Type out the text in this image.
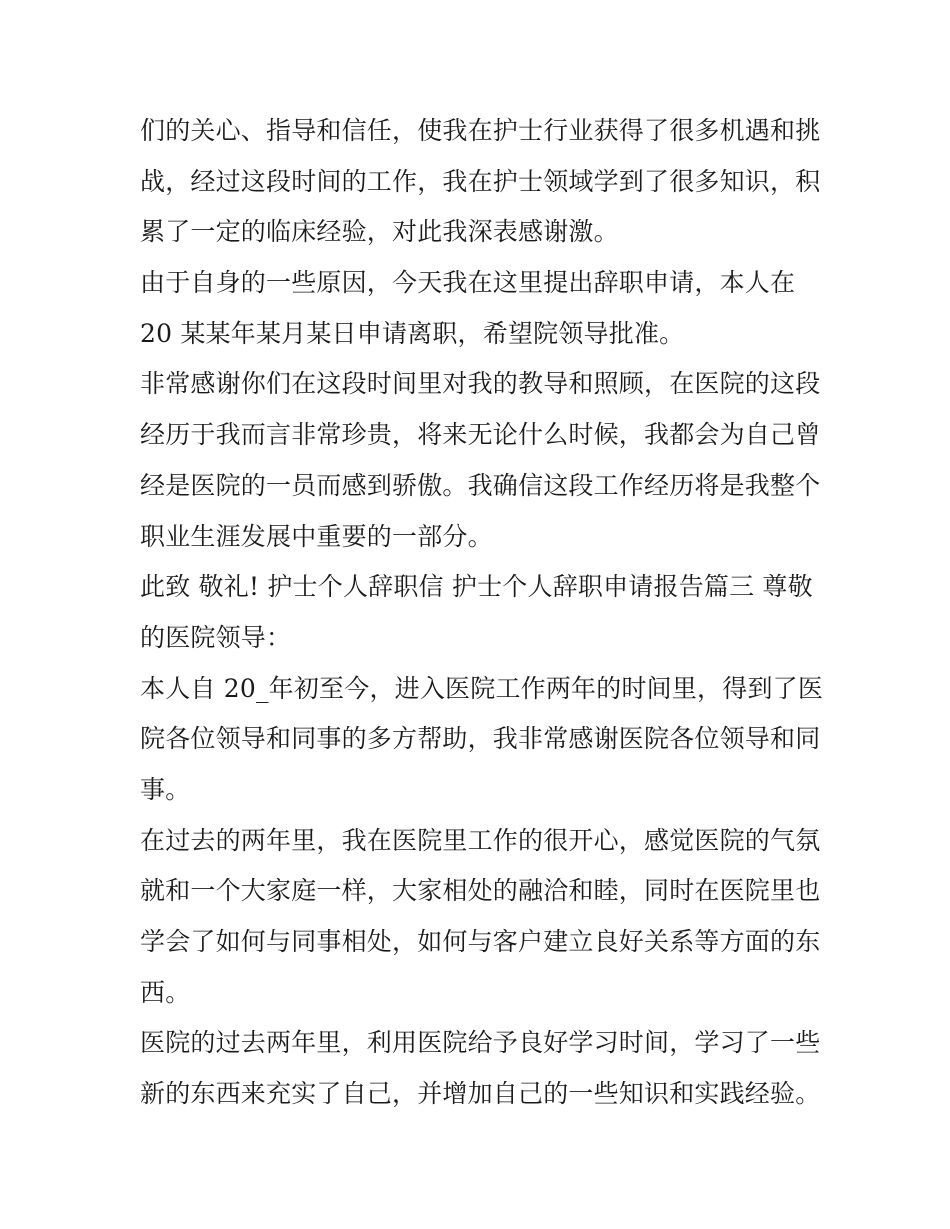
们的关心、指导和信任，使我在护士行业获得了很多机遇和挑
战，经过这段时间的工作，我在护士领域学到了很多知识，积
累了一定的临床经验，对此我深表感谢激。
由于自身的一些原因，今天我在这里提出辞职申请，本人在
20 某某年某月某日申请离职，希望院领导批准。
非常感谢你们在这段时间里对我的教导和照顾，在医院的这段
经历于我而言非常珍贵，将来无论什么时候，我都会为自己曾
经是医院的一员而感到骄傲。我确信这段工作经历将是我整个
职业生涯发展中重要的一部分。
此致 敬礼! 护士个人辞职信 护士个人辞职申请报告篇三 尊敬
的医院领导：
本人自 20_年初至今，进入医院工作两年的时间里，得到了医
院各位领导和同事的多方帮助，我非常感谢医院各位领导和同
事。
在过去的两年里，我在医院里工作的很开心，感觉医院的气氛
就和一个大家庭一样，大家相处的融洽和睦，同时在医院里也
学会了如何与同事相处，如何与客户建立良好关系等方面的东
西。
医院的过去两年里，利用医院给予良好学习时间，学习了一些
新的东西来充实了自己，并增加自己的一些知识和实践经验。
